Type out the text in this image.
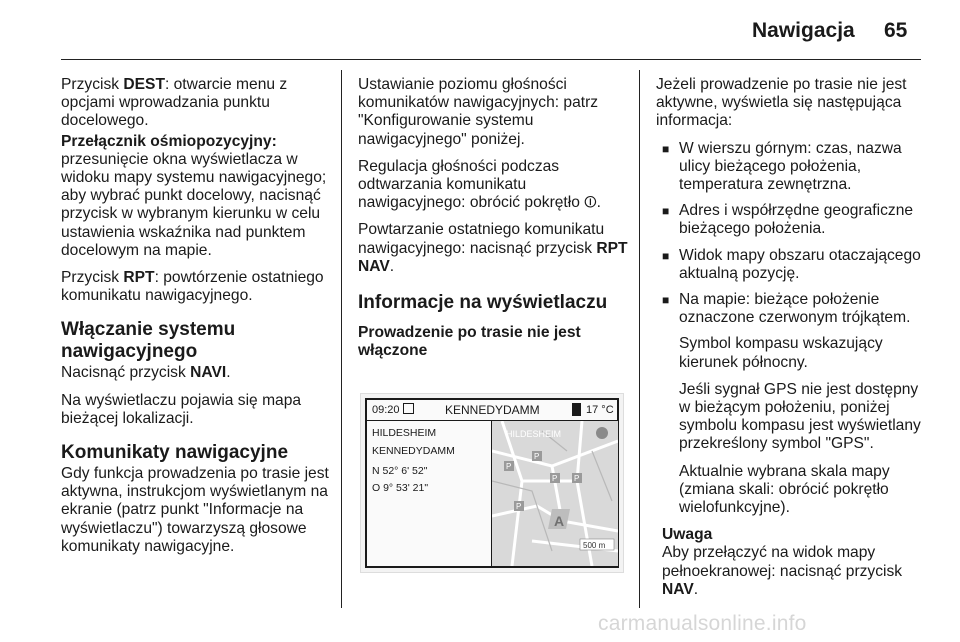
Nawigacja 65

Przycisk DEST: otwarcie menu z opcjami wprowadzania punktu docelowego.

Przełącznik ośmiopozycyjny:
przesunięcie okna wyświetlacza w widoku mapy systemu nawigacyjnego; aby wybrać punkt docelowy, nacisnąć przycisk w wybranym kierunku w celu ustawienia wskaźnika nad punktem docelowym na mapie.

Przycisk RPT: powtórzenie ostatniego komunikatu nawigacyjnego.

Włączanie systemu nawigacyjnego

Nacisnąć przycisk NAVI.

Na wyświetlaczu pojawia się mapa bieżącej lokalizacji.

Komunikaty nawigacyjne

Gdy funkcja prowadzenia po trasie jest aktywna, instrukcjom wyświetlanym na ekranie (patrz punkt "Informacje na wyświetlaczu") towarzyszą głosowe komunikaty nawigacyjne.

Ustawianie poziomu głośności komunikatów nawigacyjnych: patrz "Konfigurowanie systemu nawigacyjnego" poniżej.

Regulacja głośności podczas odtwarzania komunikatu nawigacyjnego: obrócić pokrętło ⏼.

Powtarzanie ostatniego komunikatu nawigacyjnego: nacisnąć przycisk RPT NAV.

Informacje na wyświetlaczu

Prowadzenie po trasie nie jest włączone

09:20	KENNEDYDAMM	17 °C
HILDESHEIM
KENNEDYDAMM
N 52° 6' 52"
O 9° 53' 21"
A
HILDESHEIM
P
P
P P
P
500 m

Jeżeli prowadzenie po trasie nie jest aktywne, wyświetla się następująca informacja:

■ W wierszu górnym: czas, nazwa ulicy bieżącego położenia, temperatura zewnętrzna.
■ Adres i współrzędne geograficzne bieżącego położenia.
■ Widok mapy obszaru otaczającego aktualną pozycję.
■ Na mapie: bieżące położenie oznaczone czerwonym trójkątem.

Symbol kompasu wskazujący kierunek północny.

Jeśli sygnał GPS nie jest dostępny w bieżącym położeniu, poniżej symbolu kompasu jest wyświetlany przekreślony symbol "GPS".

Aktualnie wybrana skala mapy (zmiana skali: obrócić pokrętło wielofunkcyjne).

Uwaga
Aby przełączyć na widok mapy pełnoekranowej: nacisnąć przycisk NAV.
carmanualsonline.info
